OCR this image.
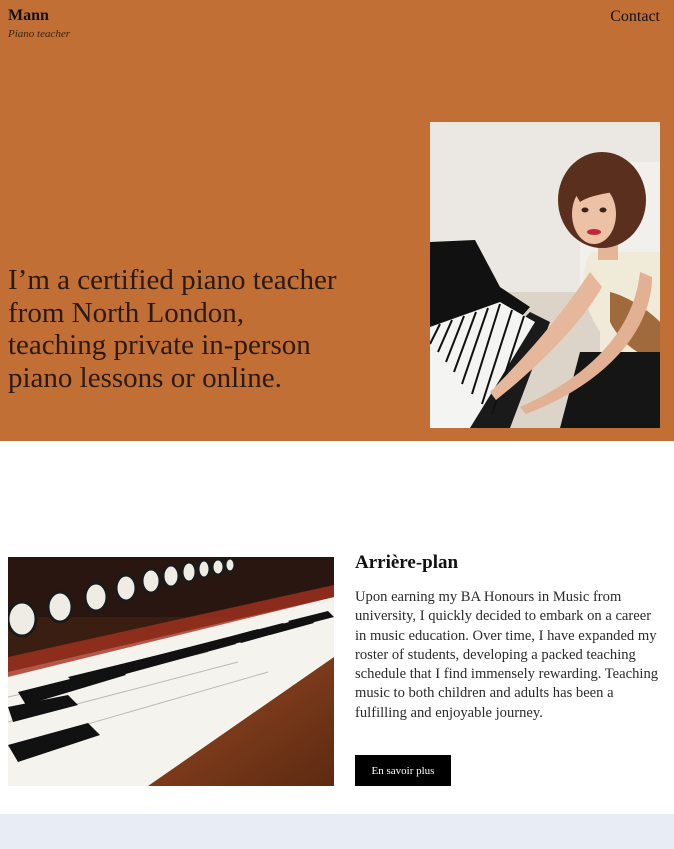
Mann
Piano teacher
Contact
I’m a certified piano teacher from North London, teaching private in-person piano lessons or online.
Arrière-plan

Upon earning my BA Honours in Music from university, I quickly decided to embark on a career in music education. Over time, I have expanded my roster of students, developing a packed teaching schedule that I find immensely rewarding. Teaching music to both children and adults has been a fulfilling and enjoyable journey.

En savoir plus
